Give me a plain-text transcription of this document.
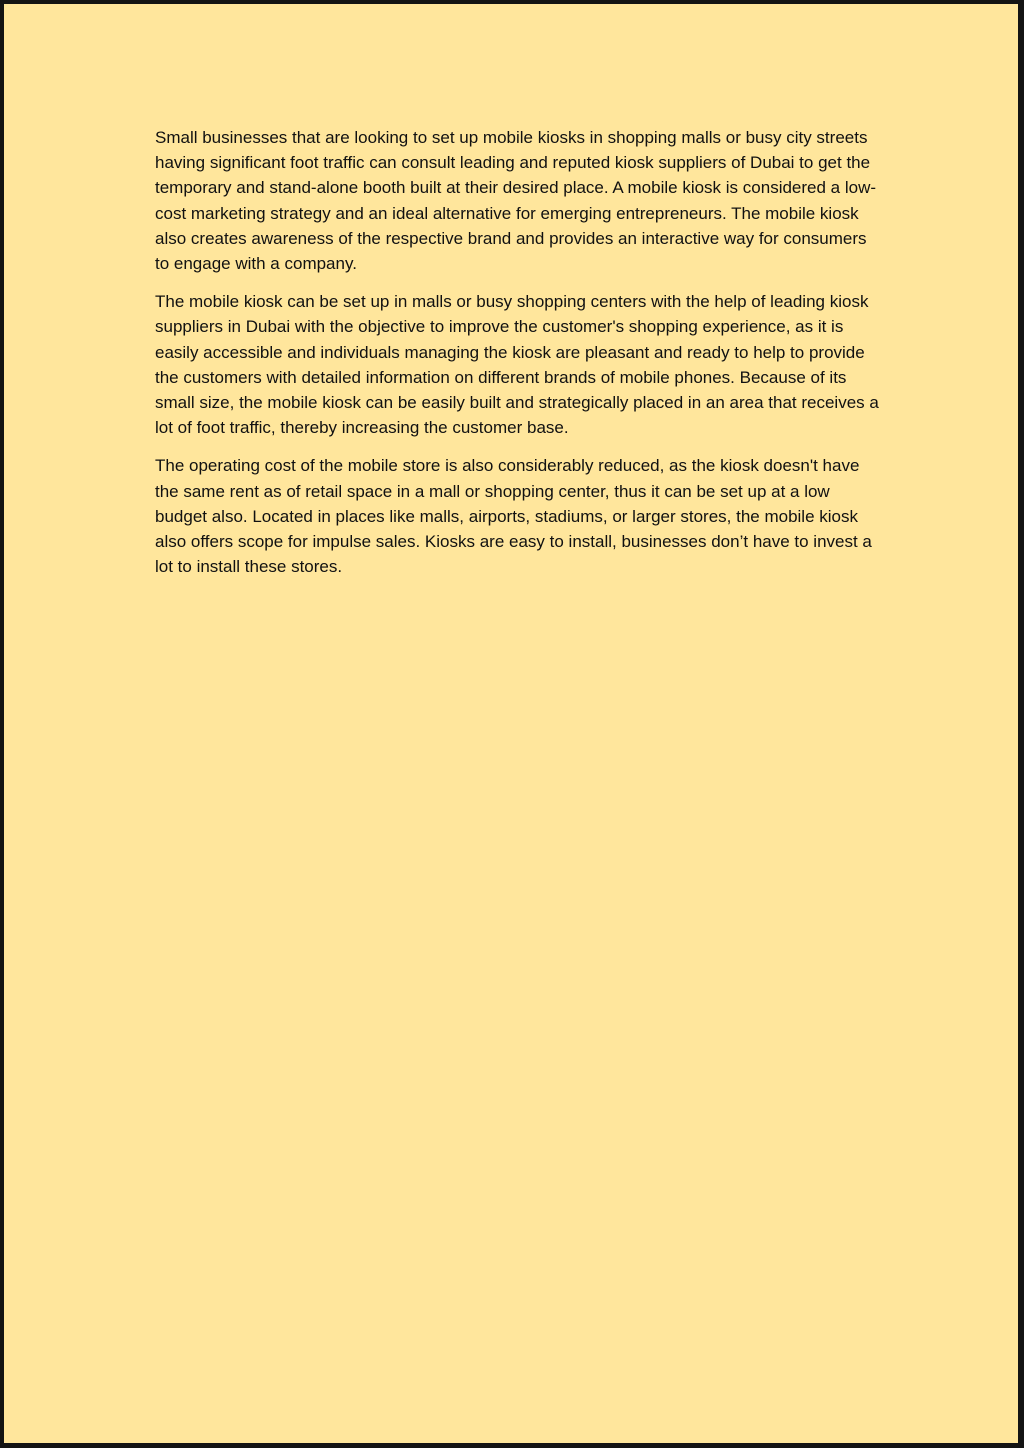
Small businesses that are looking to set up mobile kiosks in shopping malls or busy city streets having significant foot traffic can consult leading and reputed kiosk suppliers of Dubai to get the temporary and stand-alone booth built at their desired place. A mobile kiosk is considered a low-cost marketing strategy and an ideal alternative for emerging entrepreneurs. The mobile kiosk also creates awareness of the respective brand and provides an interactive way for consumers to engage with a company.

The mobile kiosk can be set up in malls or busy shopping centers with the help of leading kiosk suppliers in Dubai with the objective to improve the customer's shopping experience, as it is easily accessible and individuals managing the kiosk are pleasant and ready to help to provide the customers with detailed information on different brands of mobile phones. Because of its small size, the mobile kiosk can be easily built and strategically placed in an area that receives a lot of foot traffic, thereby increasing the customer base.

The operating cost of the mobile store is also considerably reduced, as the kiosk doesn't have the same rent as of retail space in a mall or shopping center, thus it can be set up at a low budget also. Located in places like malls, airports, stadiums, or larger stores, the mobile kiosk also offers scope for impulse sales. Kiosks are easy to install, businesses don’t have to invest a lot to install these stores.
